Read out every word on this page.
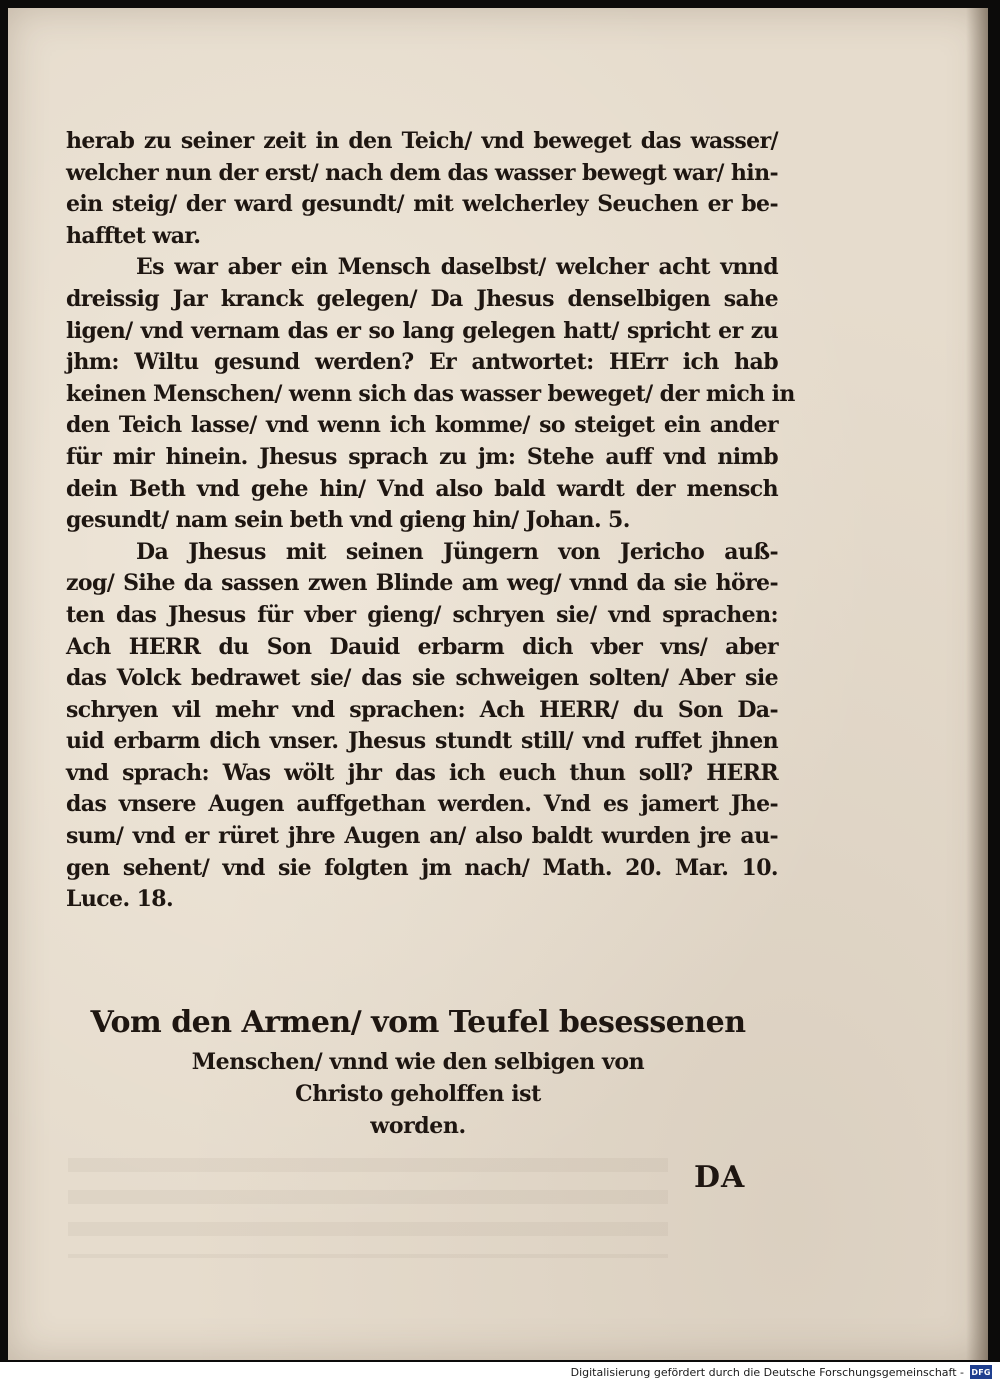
herab zu seiner zeit in den Teich/ vnd beweget das wasser/
welcher nun der erst/ nach dem das wasser bewegt war/ hin-
ein steig/ der ward gesundt/ mit welcherley Seuchen er be-
hafftet war.
Es war aber ein Mensch daselbst/ welcher acht vnnd
dreissig Jar kranck gelegen/ Da Jhesus denselbigen sahe
ligen/ vnd vernam das er so lang gelegen hatt/ spricht er zu
jhm: Wiltu gesund werden? Er antwortet: HErr ich hab
keinen Menschen/ wenn sich das wasser beweget/ der mich in
den Teich lasse/ vnd wenn ich komme/ so steiget ein ander
für mir hinein. Jhesus sprach zu jm: Stehe auff vnd nimb
dein Beth vnd gehe hin/ Vnd also bald wardt der mensch
gesundt/ nam sein beth vnd gieng hin/ Johan. 5.
Da Jhesus mit seinen Jüngern von Jericho auß-
zog/ Sihe da sassen zwen Blinde am weg/ vnnd da sie höre-
ten das Jhesus für vber gieng/ schryen sie/ vnd sprachen:
Ach HERR du Son Dauid erbarm dich vber vns/ aber
das Volck bedrawet sie/ das sie schweigen solten/ Aber sie
schryen vil mehr vnd sprachen: Ach HERR/ du Son Da-
uid erbarm dich vnser. Jhesus stundt still/ vnd ruffet jhnen
vnd sprach: Was wölt jhr das ich euch thun soll? HERR
das vnsere Augen auffgethan werden. Vnd es jamert Jhe-
sum/ vnd er rüret jhre Augen an/ also baldt wurden jre au-
gen sehent/ vnd sie folgten jm nach/ Math. 20. Mar. 10.
Luce. 18.
Vom den Armen/ vom Teufel besessenen
Menschen/ vnnd wie den selbigen von
Christo geholffen ist
worden.
DA
Digitalisierung gefördert durch die Deutsche Forschungsgemeinschaft - DFG
